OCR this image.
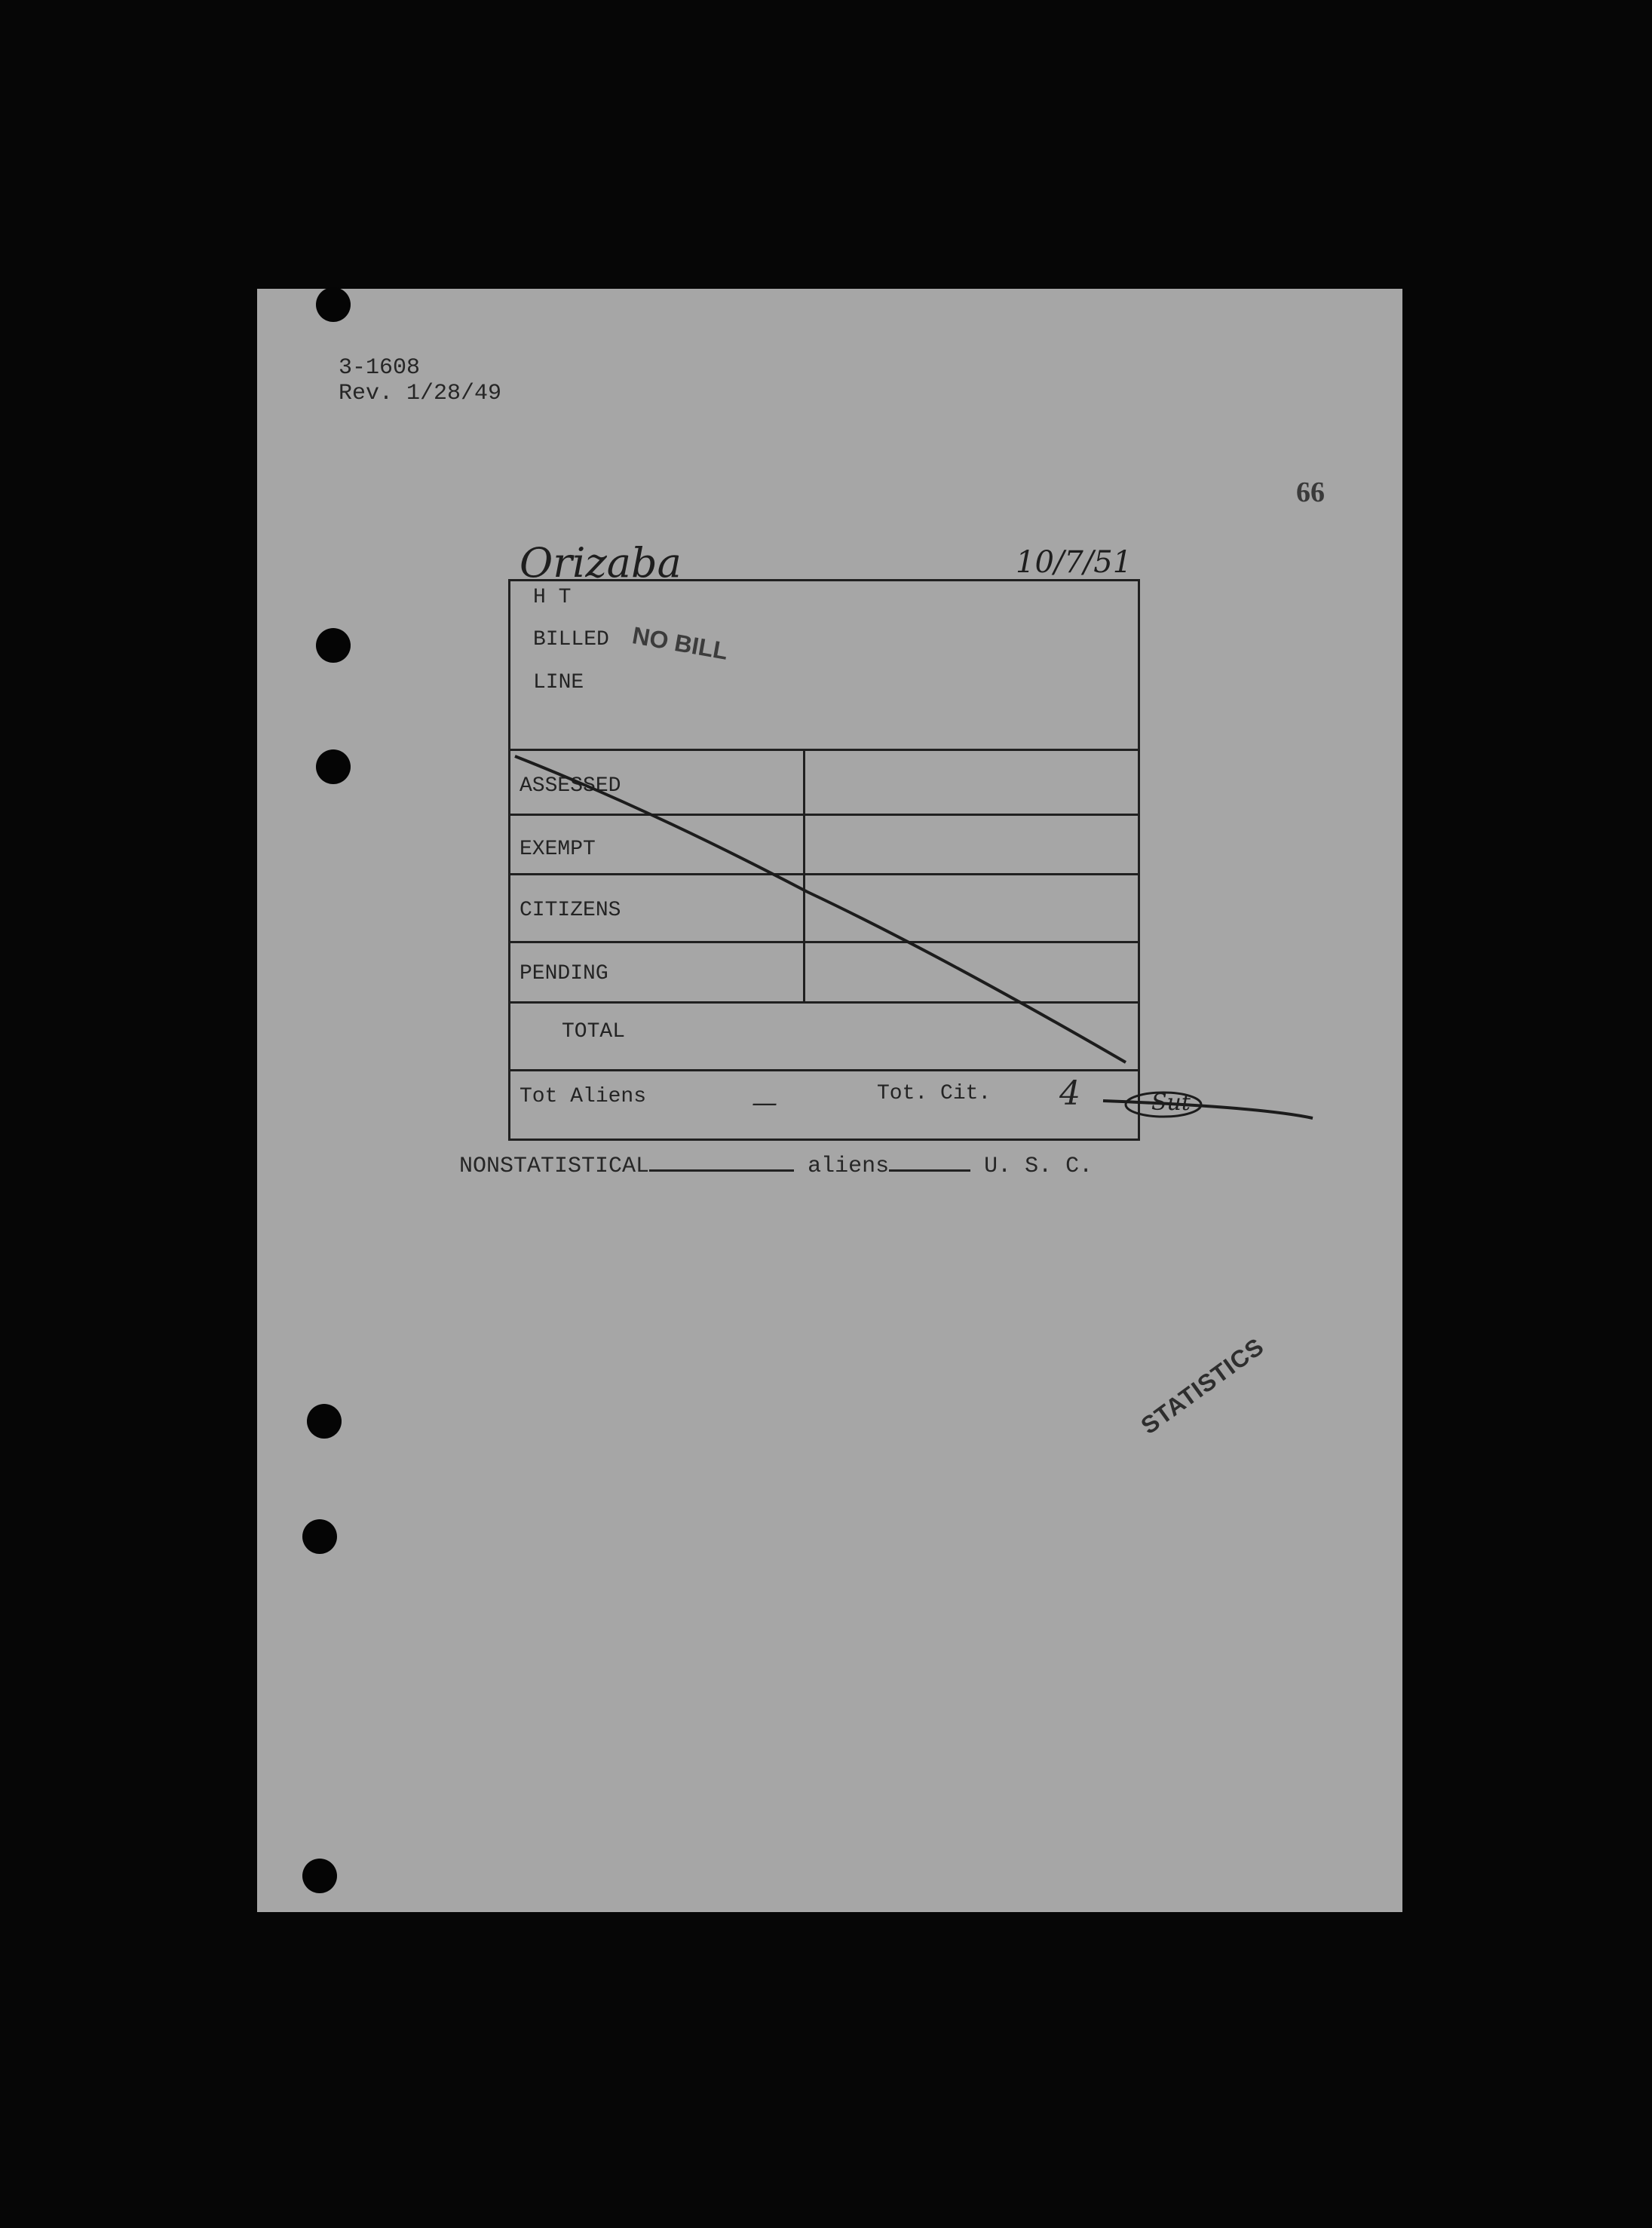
3-1608
Rev. 1/28/49
66
Orizaba	10/7/51
H T
BILLED
LINE
ASSESSED
EXEMPT
CITIZENS
PENDING
TOTAL
Tot Aliens	—	Tot. Cit. 4	Sut
NO BILL
NONSTATISTICAL	aliens	U. S. C.
STATISTICS
